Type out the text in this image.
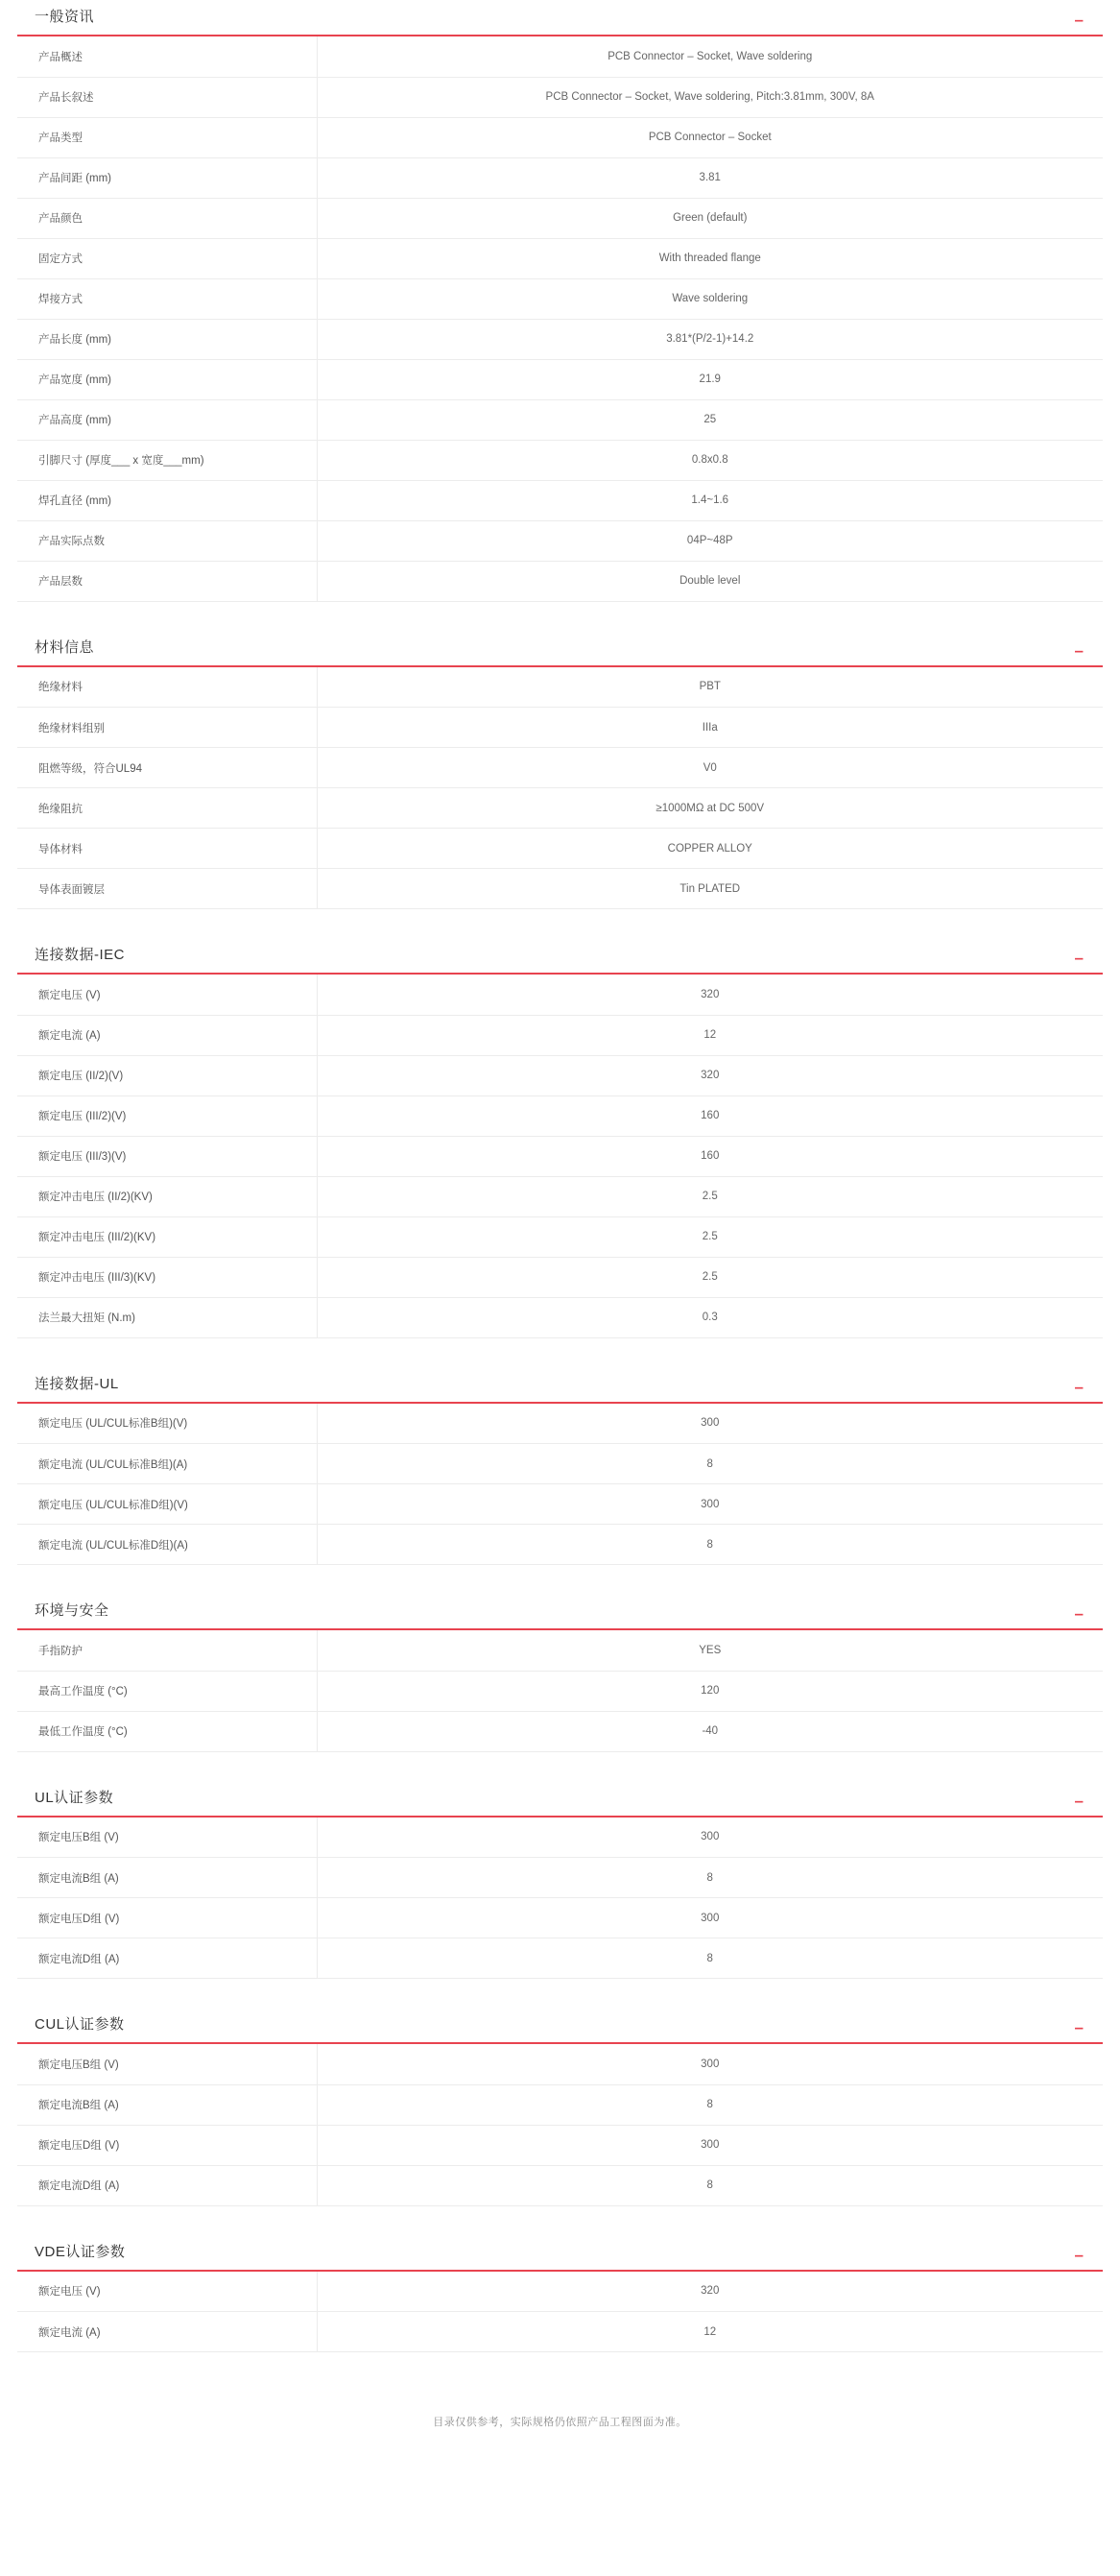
一般资讯	–
产品概述	PCB Connector – Socket, Wave soldering
产品长叙述	PCB Connector – Socket, Wave soldering, Pitch:3.81mm, 300V, 8A
产品类型	PCB Connector – Socket
产品间距 (mm)	3.81
产品颜色	Green (default)
固定方式	With threaded flange
焊接方式	Wave soldering
产品长度 (mm)	3.81*(P/2-1)+14.2
产品宽度 (mm)	21.9
产品高度 (mm)	25
引脚尺寸 (厚度___ x 宽度___mm)	0.8x0.8
焊孔直径 (mm)	1.4~1.6
产品实际点数	04P~48P
产品层数	Double level
材料信息	–
绝缘材料	PBT
绝缘材料组别	IIIa
阻燃等级，符合UL94	V0
绝缘阻抗	≥1000MΩ at DC 500V
导体材料	COPPER ALLOY
导体表面镀层	Tin PLATED
连接数据-IEC	–
额定电压 (V)	320
额定电流 (A)	12
额定电压 (II/2)(V)	320
额定电压 (III/2)(V)	160
额定电压 (III/3)(V)	160
额定冲击电压 (II/2)(KV)	2.5
额定冲击电压 (III/2)(KV)	2.5
额定冲击电压 (III/3)(KV)	2.5
法兰最大扭矩 (N.m)	0.3
连接数据-UL	–
额定电压 (UL/CUL标准B组)(V)	300
额定电流 (UL/CUL标准B组)(A)	8
额定电压 (UL/CUL标准D组)(V)	300
额定电流 (UL/CUL标准D组)(A)	8
环境与安全	–
手指防护	YES
最高工作温度 (°C)	120
最低工作温度 (°C)	-40
UL认证参数	–
额定电压B组 (V)	300
额定电流B组 (A)	8
额定电压D组 (V)	300
额定电流D组 (A)	8
CUL认证参数	–
额定电压B组 (V)	300
额定电流B组 (A)	8
额定电压D组 (V)	300
额定电流D组 (A)	8
VDE认证参数	–
额定电压 (V)	320
额定电流 (A)	12
目录仅供参考，实际规格仍依照产品工程图面为准。
